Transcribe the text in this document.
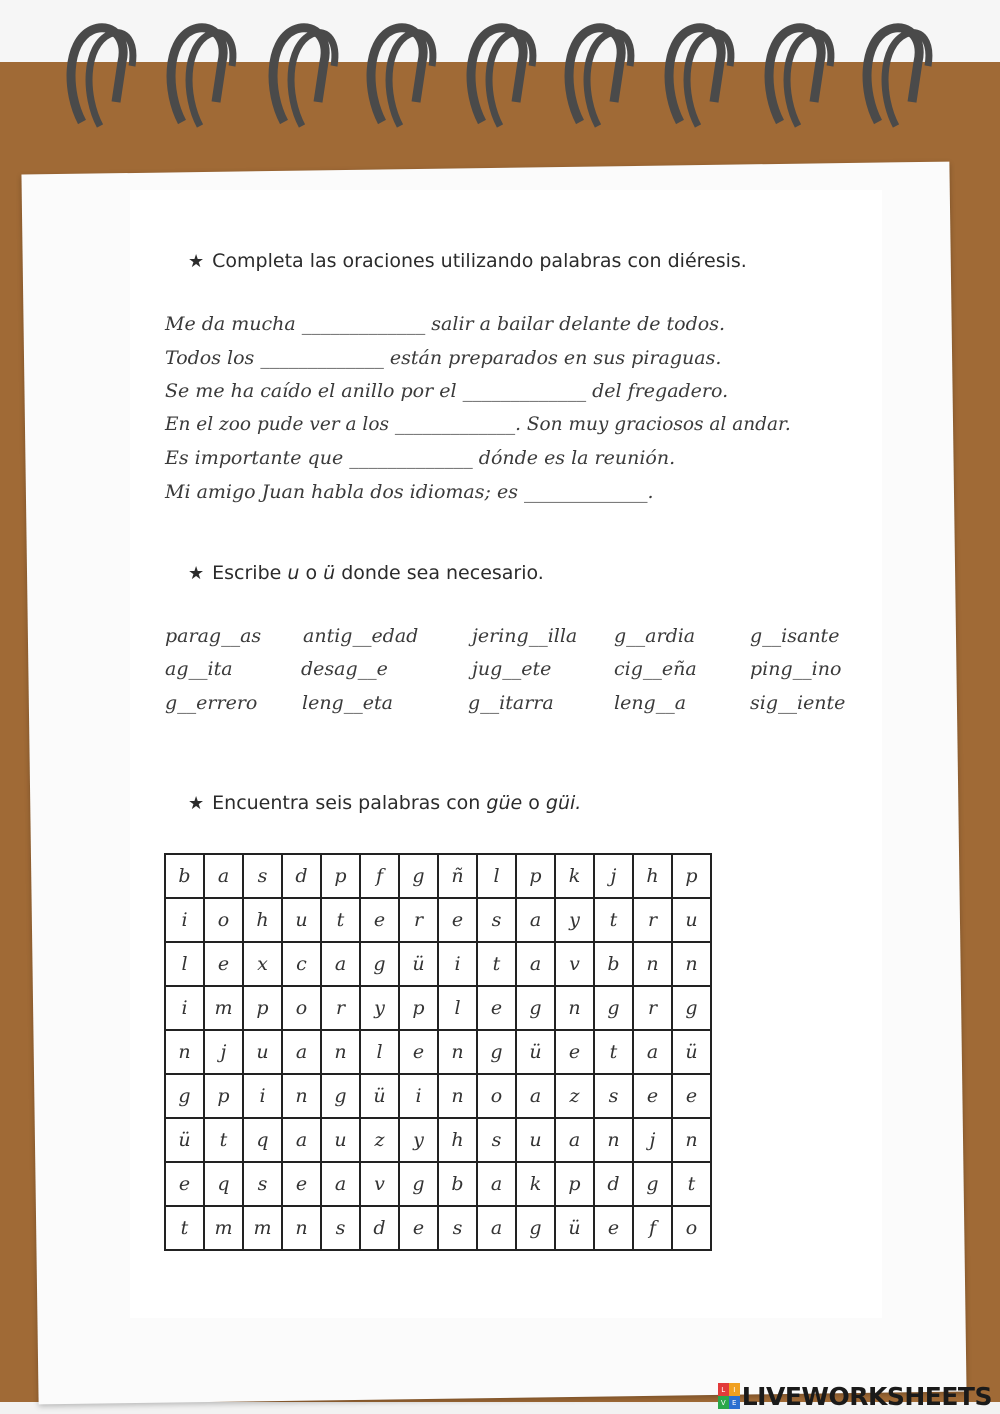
★ Completa las oraciones utilizando palabras con diéresis.
Me da mucha _____________ salir a bailar delante de todos.
Todos los _____________ están preparados en sus piraguas.
Se me ha caído el anillo por el _____________ del fregadero.
En el zoo pude ver a los _____________. Son muy graciosos al andar.
Es importante que _____________ dónde es la reunión.
Mi amigo Juan habla dos idiomas; es _____________.
★ Escribe u o ü donde sea necesario.
parag__as antig__edad	jering__illa g__ardia	g__isante
ag__ita	desag__e	jug__ete	cig__eña	ping__ino
g__errero leng__eta	g__itarra	leng__a	sig__iente
★ Encuentra seis palabras con güe o güi.
b	a	s	d	p	f	g	ñ	l	p	k	j	h	p
i	o	h	u	t	e	r	e	s	a	y	t	r	u
l	e	x	c	a	g	ü	i	t	a	v	b	n	n
i	m	p	o	r	y	p	l	e	g	n	g	r	g
n	j	u	a	n	l	e	n	g	ü	e	t	a	ü
g	p	i	n	g	ü	i	n	o	a	z	s	e	e
ü	t	q	a	u	z	y	h	s	u	a	n	j	n
e	q	s	e	a	v	g	b	a	k	p	d	g	t
t	m	m	n	s	d	e	s	a	g	ü	e	f	o
L	I
V E LIVEWORKSHEETS
